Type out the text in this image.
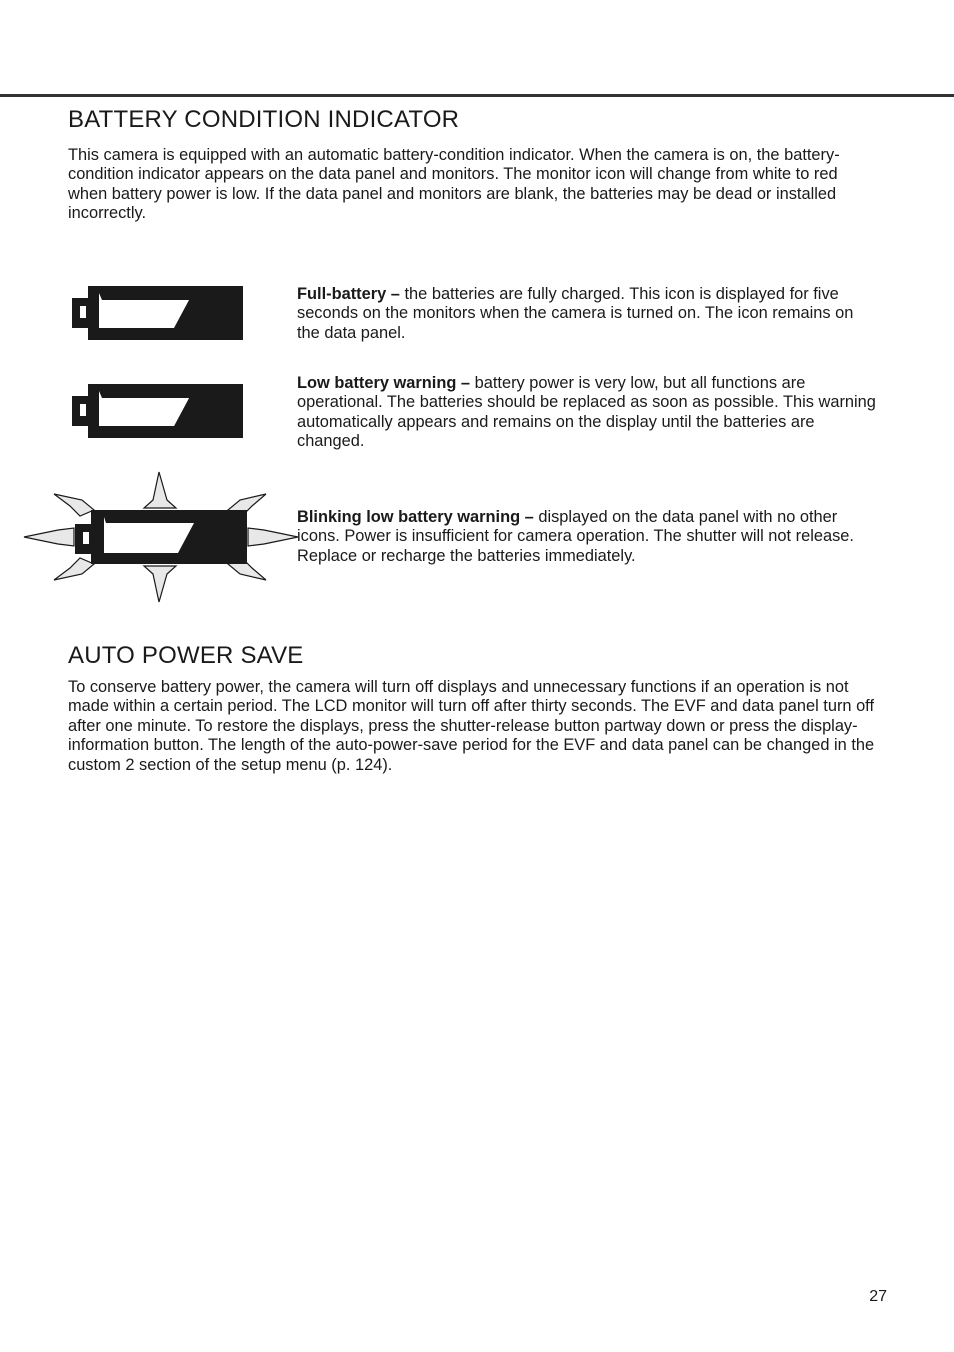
BATTERY CONDITION INDICATOR

This camera is equipped with an automatic battery-condition indicator. When the camera is on, the battery-condition indicator appears on the data panel and monitors. The monitor icon will change from white to red when battery power is low. If the data panel and monitors are blank, the batteries may be dead or installed incorrectly.

Full-battery – the batteries are fully charged. This icon is displayed for five seconds on the monitors when the camera is turned on. The icon remains on the data panel.

Low battery warning – battery power is very low, but all functions are operational. The batteries should be replaced as soon as possible. This warning automatically appears and remains on the display until the batteries are changed.

Blinking low battery warning – displayed on the data panel with no other icons. Power is insufficient for camera operation. The shutter will not release. Replace or recharge the batteries immediately.

AUTO POWER SAVE

To conserve battery power, the camera will turn off displays and unnecessary functions if an operation is not made within a certain period. The LCD monitor will turn off after thirty seconds. The EVF and data panel turn off after one minute. To restore the displays, press the shutter-release button partway down or press the display-information button. The length of the auto-power-save period for the EVF and data panel can be changed in the custom 2 section of the setup menu (p. 124).

27
